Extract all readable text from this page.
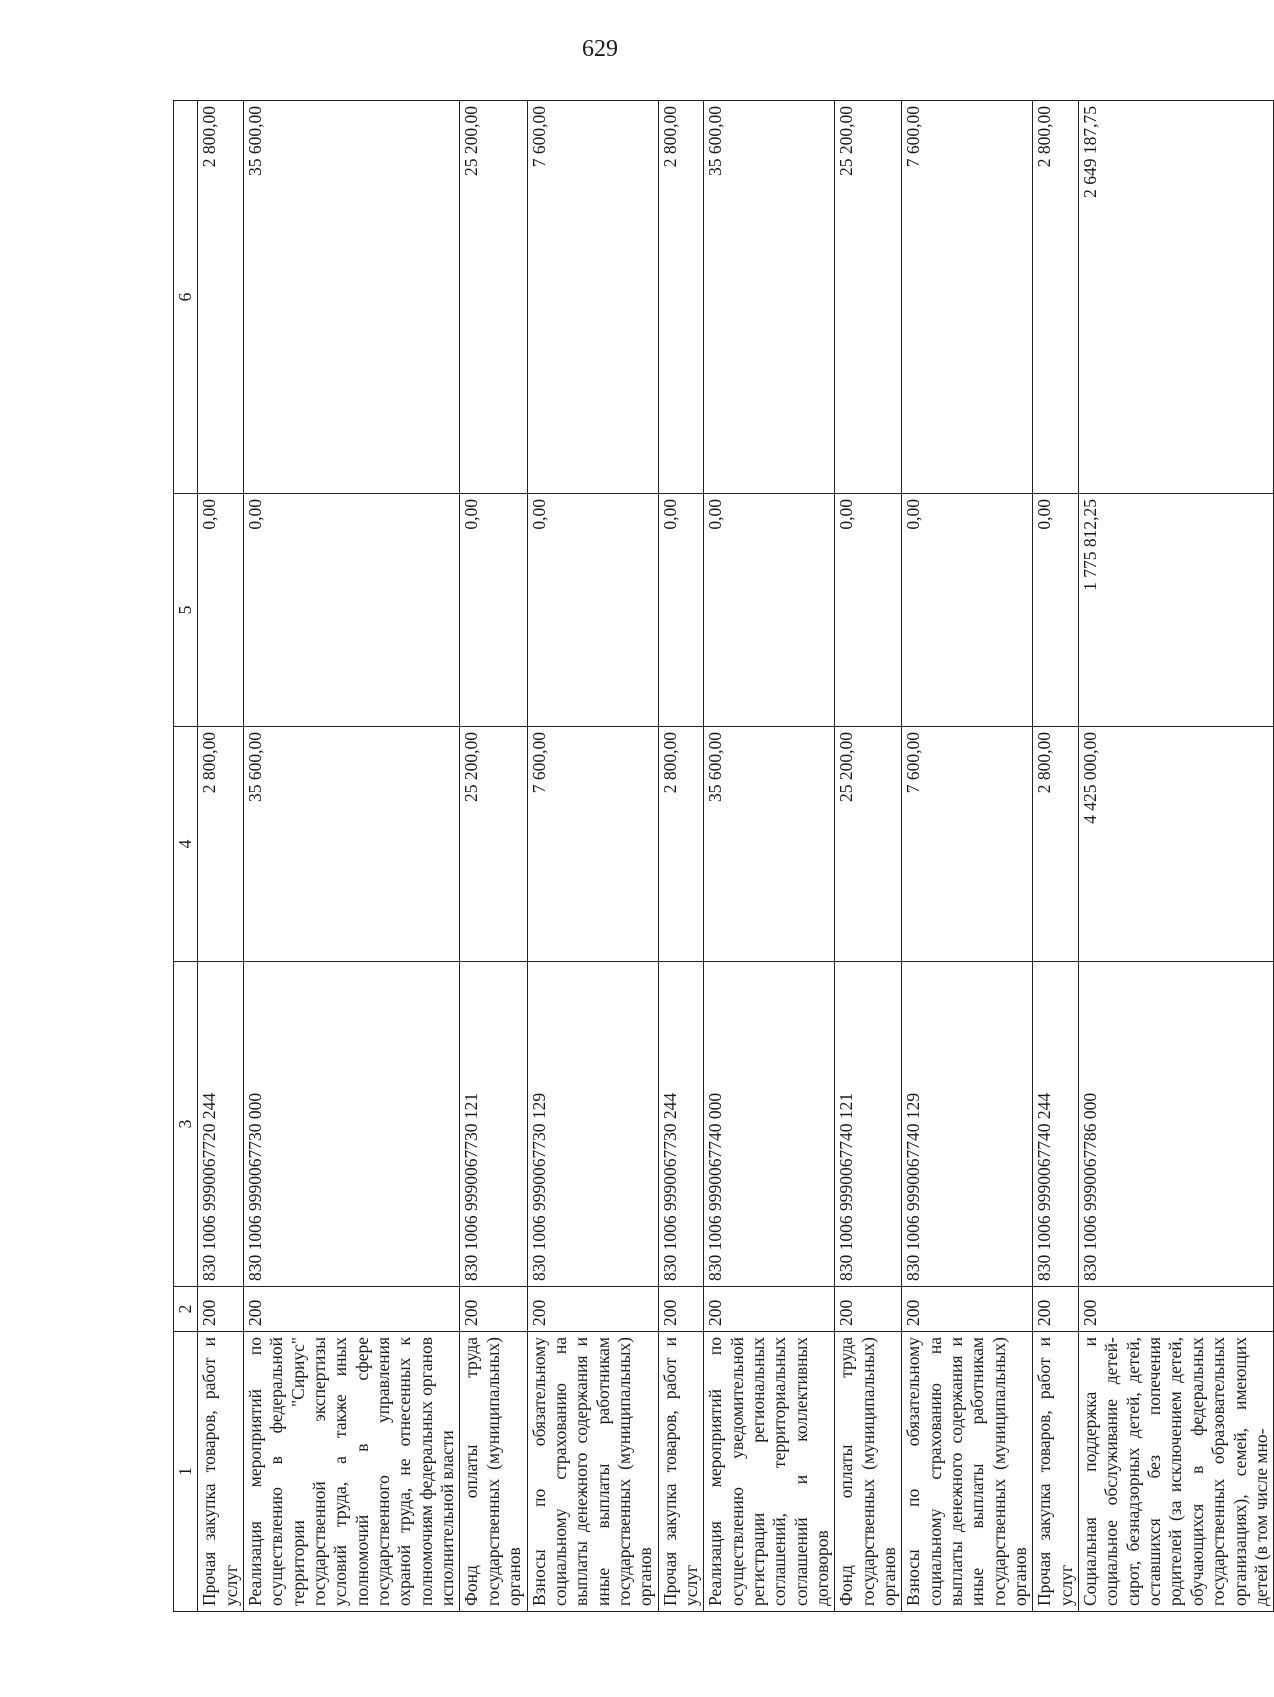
629
1	2	3	4	5	6
Прочая закупка товаров, работ и услуг	200	830 1006 9990067720 244	2 800,00	0,00	2 800,00
Реализация мероприятий по осуществлению в федеральной территории "Сириус" государственной экспертизы условий труда, а также иных полномочий в сфере государственного управления охраной труда, не отнесенных к полномочиям федеральных органов исполнительной власти	200	830 1006 9990067730 000	35 600,00	0,00	35 600,00
Фонд оплаты труда государственных (муниципальных) органов	200	830 1006 9990067730 121	25 200,00	0,00	25 200,00
Взносы по обязательному социальному страхованию на выплаты денежного содержания и иные выплаты работникам государственных (муниципальных) органов	200	830 1006 9990067730 129	7 600,00	0,00	7 600,00
Прочая закупка товаров, работ и услуг	200	830 1006 9990067730 244	2 800,00	0,00	2 800,00
Реализация мероприятий по осуществлению уведомительной регистрации региональных соглашений, территориальных соглашений и коллективных договоров	200	830 1006 9990067740 000	35 600,00	0,00	35 600,00
Фонд оплаты труда государственных (муниципальных) органов	200	830 1006 9990067740 121	25 200,00	0,00	25 200,00
Взносы по обязательному социальному страхованию на выплаты денежного содержания и иные выплаты работникам государственных (муниципальных) органов	200	830 1006 9990067740 129	7 600,00	0,00	7 600,00
Прочая закупка товаров, работ и услуг	200	830 1006 9990067740 244	2 800,00	0,00	2 800,00
Социальная поддержка и социальное обслуживание детей-сирот, безнадзорных детей, детей, оставшихся без попечения родителей (за исключением детей, обучающихся в федеральных государственных образовательных организациях), семей, имеющих детей (в том числе мно-	200	830 1006 9990067786 000	4 425 000,00	1 775 812,25	2 649 187,75
